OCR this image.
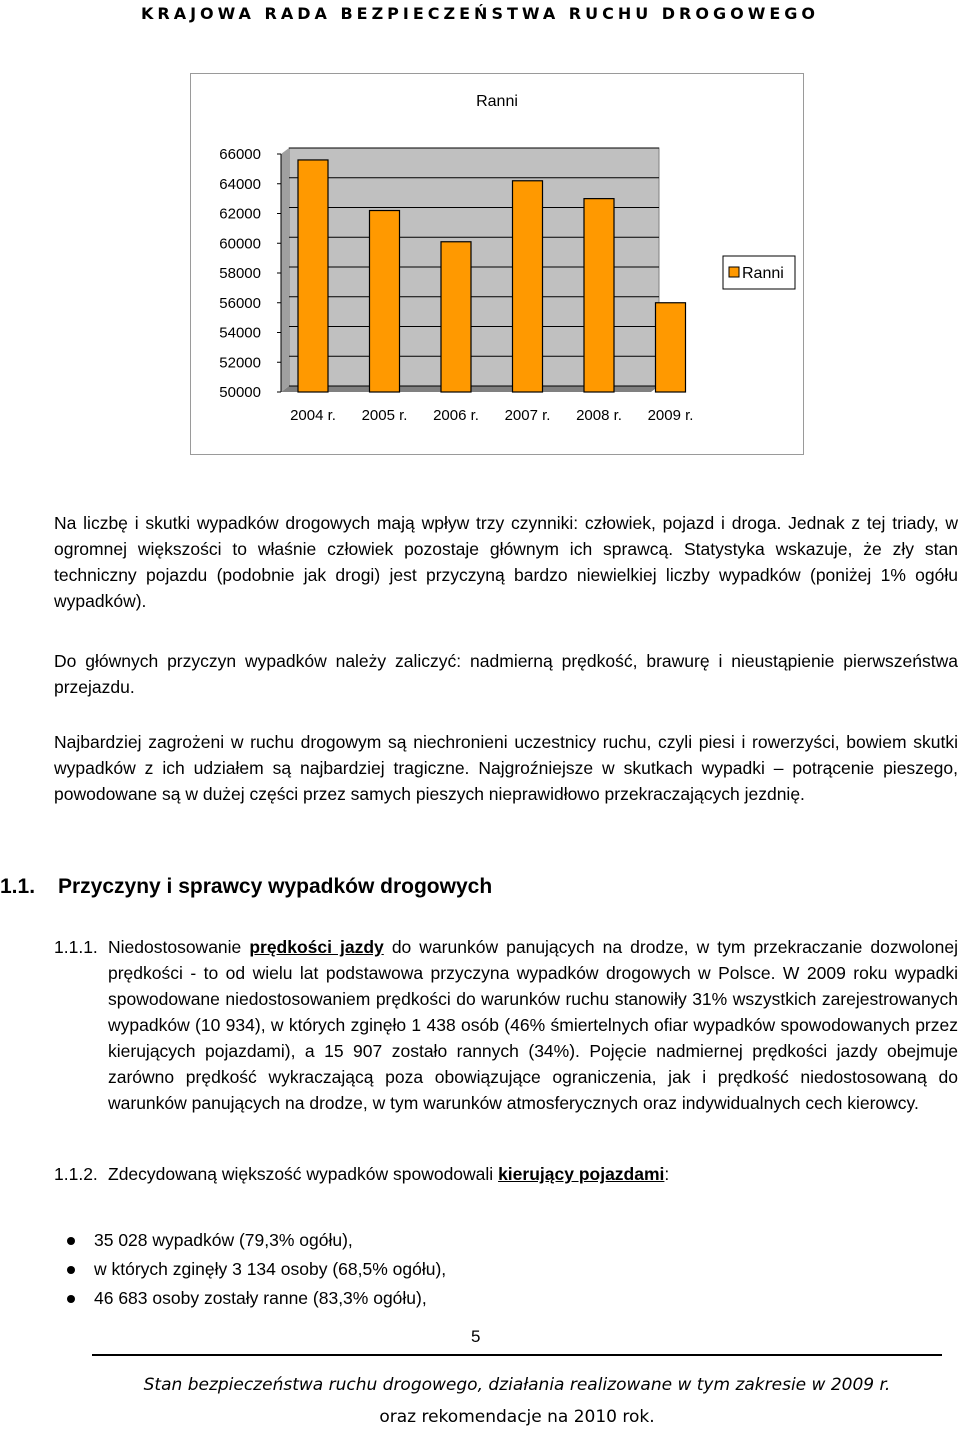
KRAJOWA RADA BEZPIECZEŃSTWA RUCHU DROGOWEGO
66000
64000
62000
60000
58000
56000
54000
52000
50000
2004 r. 2005 r. 2006 r. 2007 r. 2008 r. 2009 r.
Ranni
Ranni
Na liczbę i skutki wypadków drogowych mają wpływ trzy czynniki: człowiek, pojazd i droga. Jednak z tej triady, w ogromnej większości to właśnie człowiek pozostaje głównym ich sprawcą. Statystyka wskazuje, że zły stan techniczny pojazdu (podobnie jak drogi) jest przyczyną bardzo niewielkiej liczby wypadków (poniżej 1% ogółu wypadków).
Do głównych przyczyn wypadków należy zaliczyć: nadmierną prędkość, brawurę i nieustąpienie pierwszeństwa przejazdu.
Najbardziej zagrożeni w ruchu drogowym są niechronieni uczestnicy ruchu, czyli piesi i rowerzyści, bowiem skutki wypadków z ich udziałem są najbardziej tragiczne. Najgroźniejsze w skutkach wypadki – potrącenie pieszego, powodowane są w dużej części przez samych pieszych nieprawidłowo przekraczających jezdnię.
1.1. Przyczyny i sprawcy wypadków drogowych
1.1.1. Niedostosowanie prędkości jazdy do warunków panujących na drodze, w tym przekraczanie dozwolonej prędkości - to od wielu lat podstawowa przyczyna wypadków drogowych w Polsce. W 2009 roku wypadki spowodowane niedostosowaniem prędkości do warunków ruchu stanowiły 31% wszystkich zarejestrowanych wypadków (10 934), w których zginęło 1 438 osób (46% śmiertelnych ofiar wypadków spowodowanych przez kierujących pojazdami), a 15 907 zostało rannych (34%). Pojęcie nadmiernej prędkości jazdy obejmuje zarówno prędkość wykraczającą poza obowiązujące ograniczenia, jak i prędkość niedostosowaną do warunków panujących na drodze, w tym warunków atmosferycznych oraz indywidualnych cech kierowcy.
1.1.2. Zdecydowaną większość wypadków spowodowali kierujący pojazdami:
35 028 wypadków (79,3% ogółu),
w których zginęły 3 134 osoby (68,5% ogółu),
46 683 osoby zostały ranne (83,3% ogółu),
5
Stan bezpieczeństwa ruchu drogowego, działania realizowane w tym zakresie w 2009 r.
oraz rekomendacje na 2010 rok.
